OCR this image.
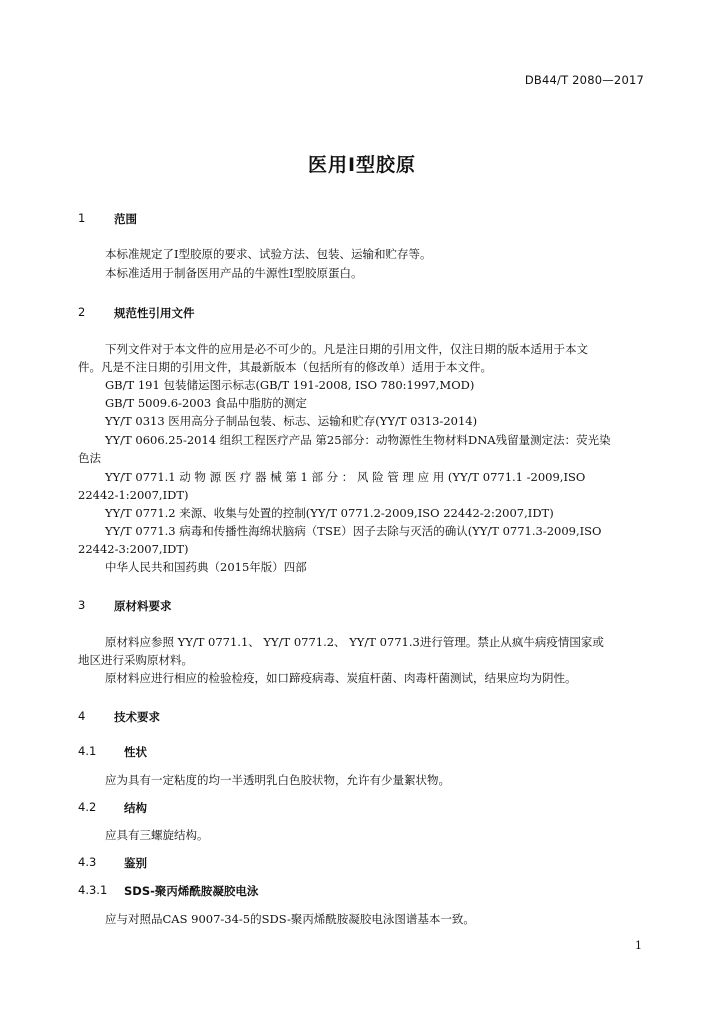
DB44/T 2080—2017
医用Ⅰ型胶原
1	范围
本标准规定了Ⅰ型胶原的要求、试验方法、包装、运输和贮存等。
本标准适用于制备医用产品的牛源性Ⅰ型胶原蛋白。
2	规范性引用文件
下列文件对于本文件的应用是必不可少的。凡是注日期的引用文件，仅注日期的版本适用于本文
件。凡是不注日期的引用文件，其最新版本（包括所有的修改单）适用于本文件。
GB/T 191 包装储运图示标志(GB/T 191-2008, ISO 780:1997,MOD)
GB/T 5009.6-2003 食品中脂肪的测定
YY/T 0313 医用高分子制品包装、标志、运输和贮存(YY/T 0313-2014)
YY/T 0606.25-2014 组织工程医疗产品 第25部分：动物源性生物材料DNA残留量测定法：荧光染
色法
YY/T 0771.1 动 物 源 医 疗 器 械 第 1 部 分 ： 风 险 管 理 应 用 (YY/T 0771.1 -2009,ISO
22442-1:2007,IDT)
YY/T 0771.2 来源、收集与处置的控制(YY/T 0771.2-2009,ISO 22442-2:2007,IDT)
YY/T 0771.3 病毒和传播性海绵状脑病（TSE）因子去除与灭活的确认(YY/T 0771.3-2009,ISO
22442-3:2007,IDT)
中华人民共和国药典（2015年版）四部
3	原材料要求
原材料应参照 YY/T 0771.1、 YY/T 0771.2、 YY/T 0771.3进行管理。禁止从疯牛病疫情国家或
地区进行采购原材料。
原材料应进行相应的检验检疫，如口蹄疫病毒、炭疽杆菌、肉毒杆菌测试，结果应均为阴性。
4	技术要求
4.1	性状
应为具有一定粘度的均一半透明乳白色胶状物，允许有少量絮状物。
4.2	结构
应具有三螺旋结构。
4.3	鉴别
4.3.1	SDS-聚丙烯酰胺凝胶电泳
应与对照品CAS 9007-34-5的SDS-聚丙烯酰胺凝胶电泳图谱基本一致。
1
